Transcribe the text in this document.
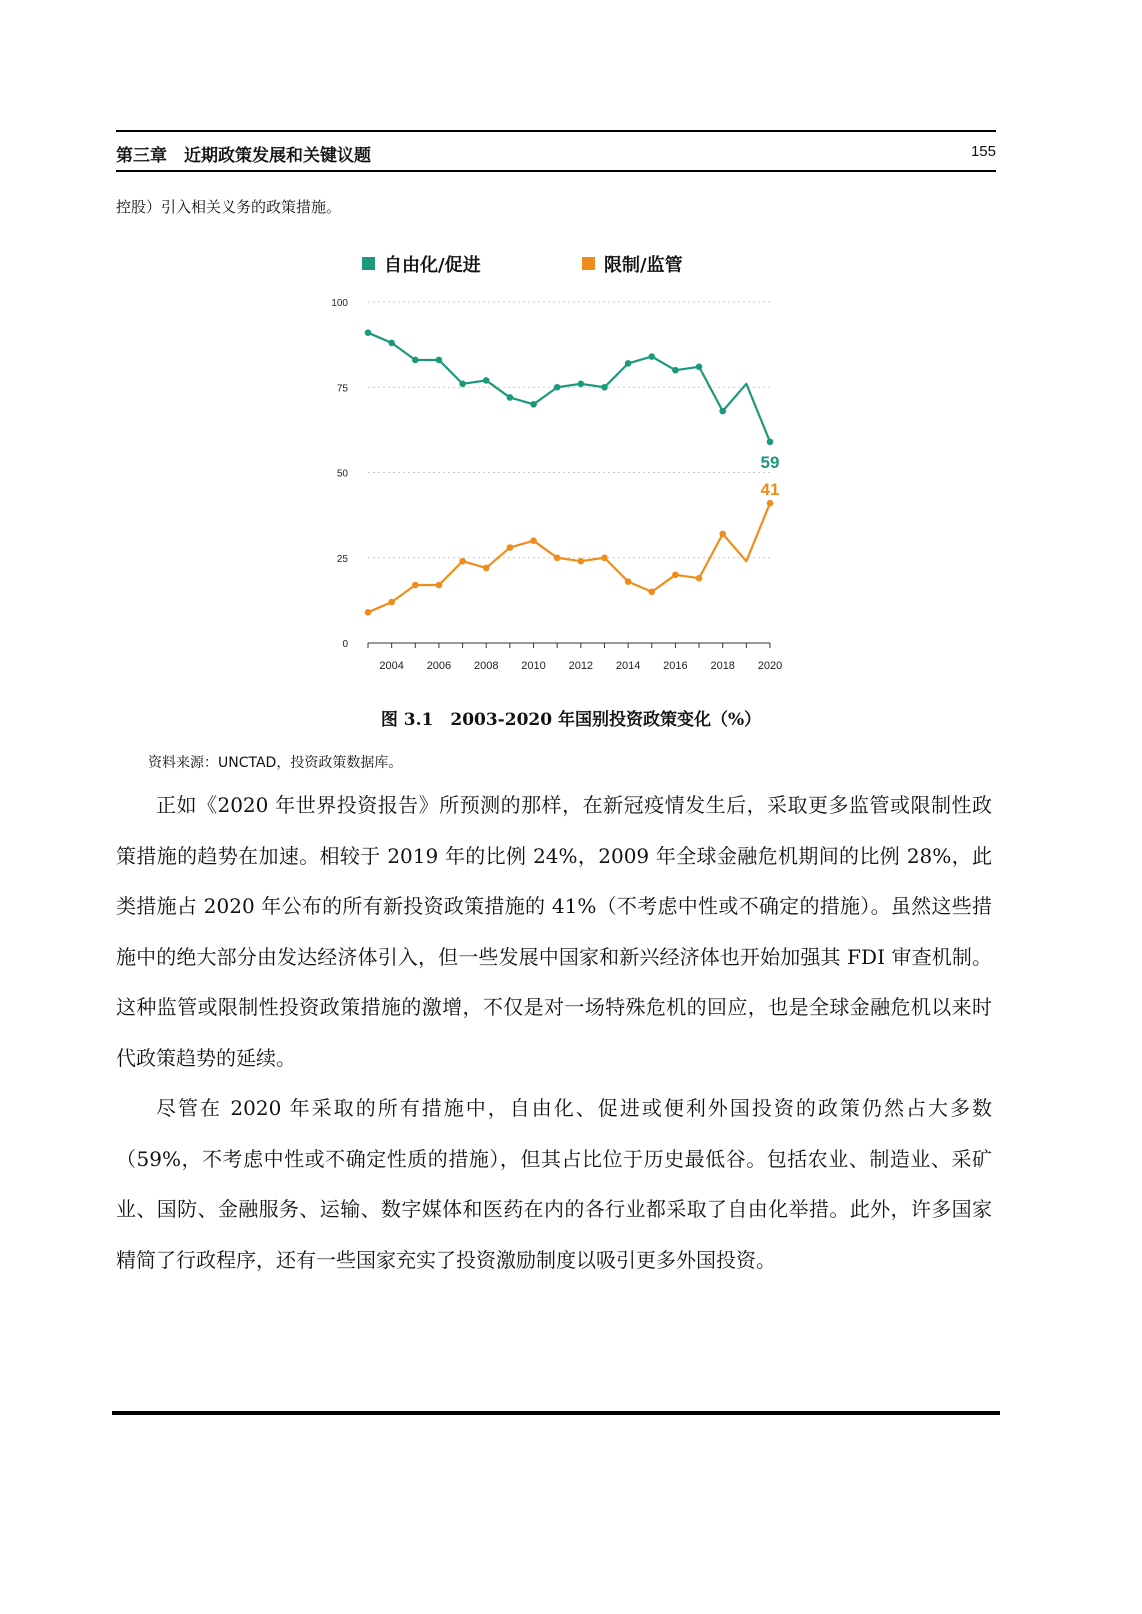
第三章　近期政策发展和关键议题	155
控股）引入相关义务的政策措施。
自由化/促进	限制/监管
0
25
50
75
100
2004 2006 2008 2010 2012 2014 2016 2018 2020
59
41
图 3.1　2003-2020 年国别投资政策变化（%）
资料来源：UNCTAD，投资政策数据库。

正如《2020 年世界投资报告》所预测的那样，在新冠疫情发生后，采取更多监管或限制性政策措施的趋势在加速。相较于 2019 年的比例 24%，2009 年全球金融危机期间的比例 28%，此类措施占 2020 年公布的所有新投资政策措施的 41%（不考虑中性或不确定的措施）。虽然这些措施中的绝大部分由发达经济体引入，但一些发展中国家和新兴经济体也开始加强其 FDI 审查机制。这种监管或限制性投资政策措施的激增，不仅是对一场特殊危机的回应，也是全球金融危机以来时代政策趋势的延续。

尽管在 2020 年采取的所有措施中，自由化、促进或便利外国投资的政策仍然占大多数（59%，不考虑中性或不确定性质的措施），但其占比位于历史最低谷。包括农业、制造业、采矿业、国防、金融服务、运输、数字媒体和医药在内的各行业都采取了自由化举措。此外，许多国家精简了行政程序，还有一些国家充实了投资激励制度以吸引更多外国投资。
